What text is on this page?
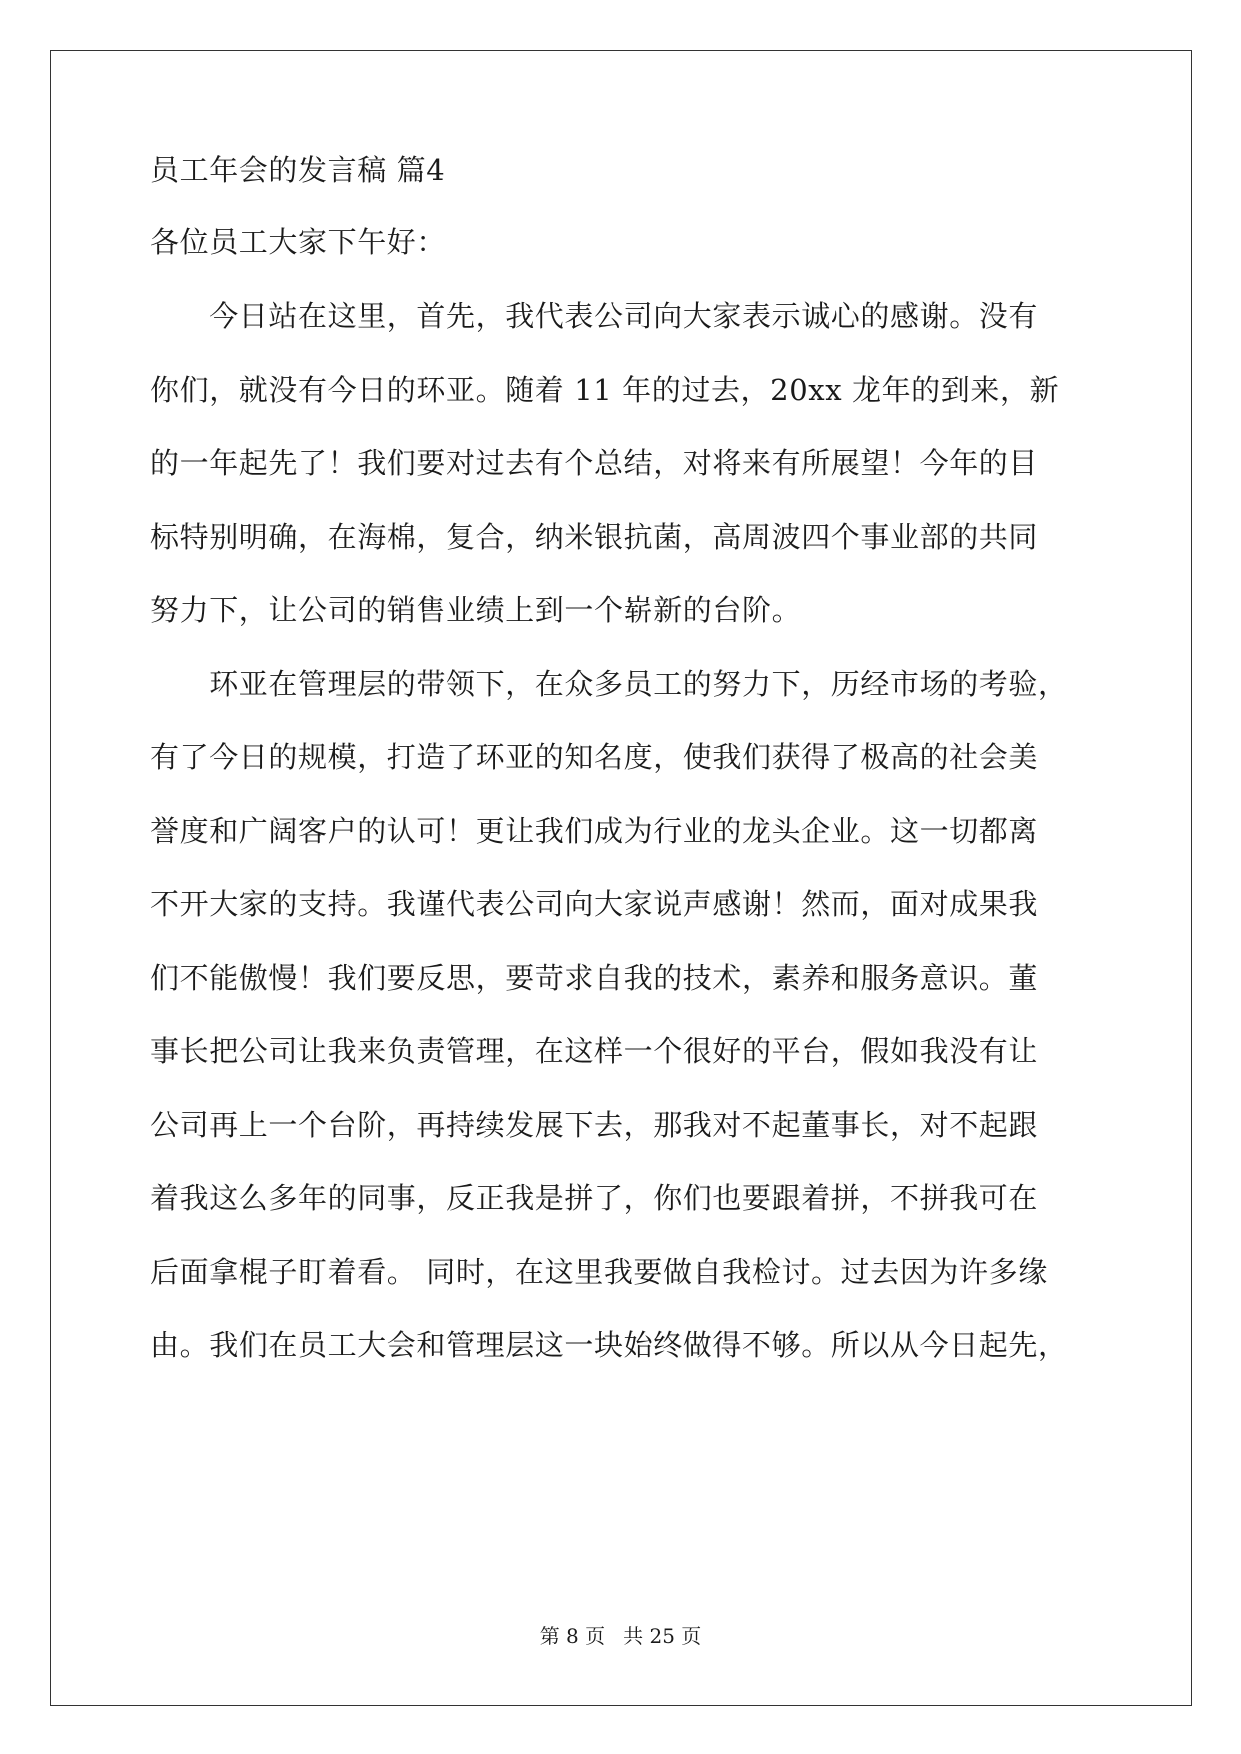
员工年会的发言稿 篇4
各位员工大家下午好：
　　今日站在这里，首先，我代表公司向大家表示诚心的感谢。没有
你们，就没有今日的环亚。随着 11 年的过去，20xx 龙年的到来，新
的一年起先了！我们要对过去有个总结，对将来有所展望！今年的目
标特别明确，在海棉，复合，纳米银抗菌，高周波四个事业部的共同
努力下，让公司的销售业绩上到一个崭新的台阶。
　　环亚在管理层的带领下，在众多员工的努力下，历经市场的考验，
有了今日的规模，打造了环亚的知名度，使我们获得了极高的社会美
誉度和广阔客户的认可！更让我们成为行业的龙头企业。这一切都离
不开大家的支持。我谨代表公司向大家说声感谢！然而，面对成果我
们不能傲慢！我们要反思，要苛求自我的技术，素养和服务意识。董
事长把公司让我来负责管理，在这样一个很好的平台，假如我没有让
公司再上一个台阶，再持续发展下去，那我对不起董事长，对不起跟
着我这么多年的同事，反正我是拼了，你们也要跟着拼，不拼我可在
后面拿棍子盯着看。 同时，在这里我要做自我检讨。过去因为许多缘
由。我们在员工大会和管理层这一块始终做得不够。所以从今日起先，
第 8 页 共 25 页
